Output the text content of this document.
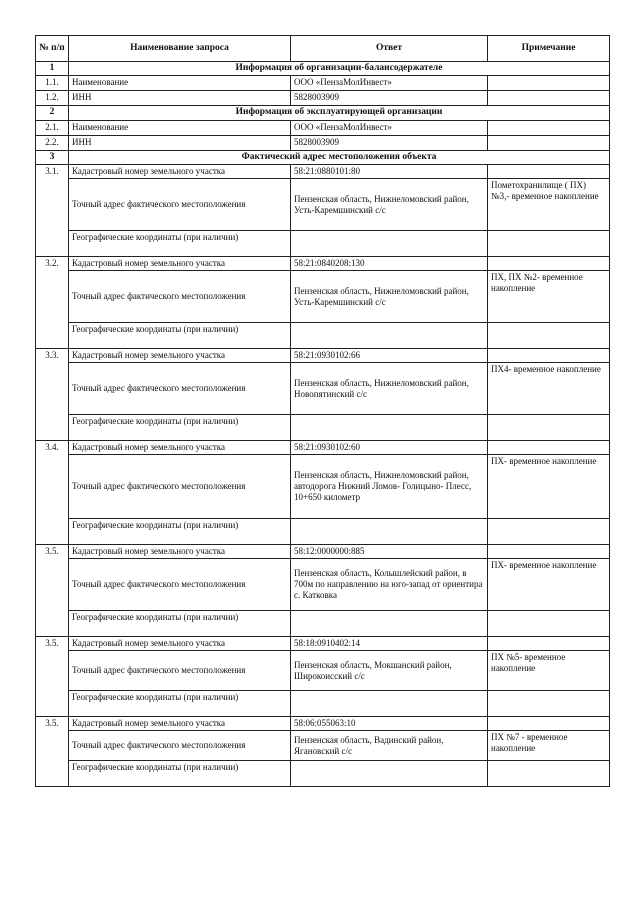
№ п/п	Наименование запроса	Ответ	Примечание
1	Информация об организации-балансодержателе		
1.1.	Наименование	ООО «ПензаМолИнвест»	
1.2.	ИНН	5828003909	
2	Информация об эксплуатирующей организации		
2.1.	Наименование	ООО «ПензаМолИнвест»	
2.2.	ИНН	5828003909	
3	Фактический адрес местоположения объекта		
3.1.	Кадастровый номер земельного участка	58:21:0880101:80	
	Точный адрес фактического местоположения	Пензенская область, Нижнеломовский район, Усть-Каремшинский с/с	Пометохранилище ( ПХ) №3,- временное накопление
	Географические координаты (при наличии)		
3.2.	Кадастровый номер земельного участка	58:21:0840208:130	
	Точный адрес фактического местоположения	Пензенская область, Нижнеломовский район, Усть-Каремшинский с/с	ПХ, ПХ №2- временное накопление
	Географические координаты (при наличии)		
3.3.	Кадастровый номер земельного участка	58:21:0930102:66	
	Точный адрес фактического местоположения	Пензенская область, Нижнеломовский район, Новопятинский с/с	ПХ4- временное накопление
	Географические координаты (при наличии)		
3.4.	Кадастровый номер земельного участка	58:21:0930102:60	
	Точный адрес фактического местоположения	Пензенская область, Нижнеломовский район, автодорога Нижний Ломов- Голицыно- Плесс, 10+650 километр	ПХ- временное накопление
	Географические координаты (при наличии)		
3.5.	Кадастровый номер земельного участка	58:12:0000000:885	
	Точный адрес фактического местоположения	Пензенская область, Колышлейский район, в 700м по направлению на юго-запад от ориентира с. Катковка	ПХ- временное накопление
	Географические координаты (при наличии)		
3.5.	Кадастровый номер земельного участка	58:18:0910402:14	
	Точный адрес фактического местоположения	Пензенская область, Мокшанский район, Широкоисский с/с	ПХ №5- временное накопление
	Географические координаты (при наличии)		
3.5.	Кадастровый номер земельного участка	58:06:055063:10	
	Точный адрес фактического местоположения	Пензенская область, Вадинский район, Ягановский с/с	ПХ №7 - временное накопление
	Географические координаты (при наличии)		
